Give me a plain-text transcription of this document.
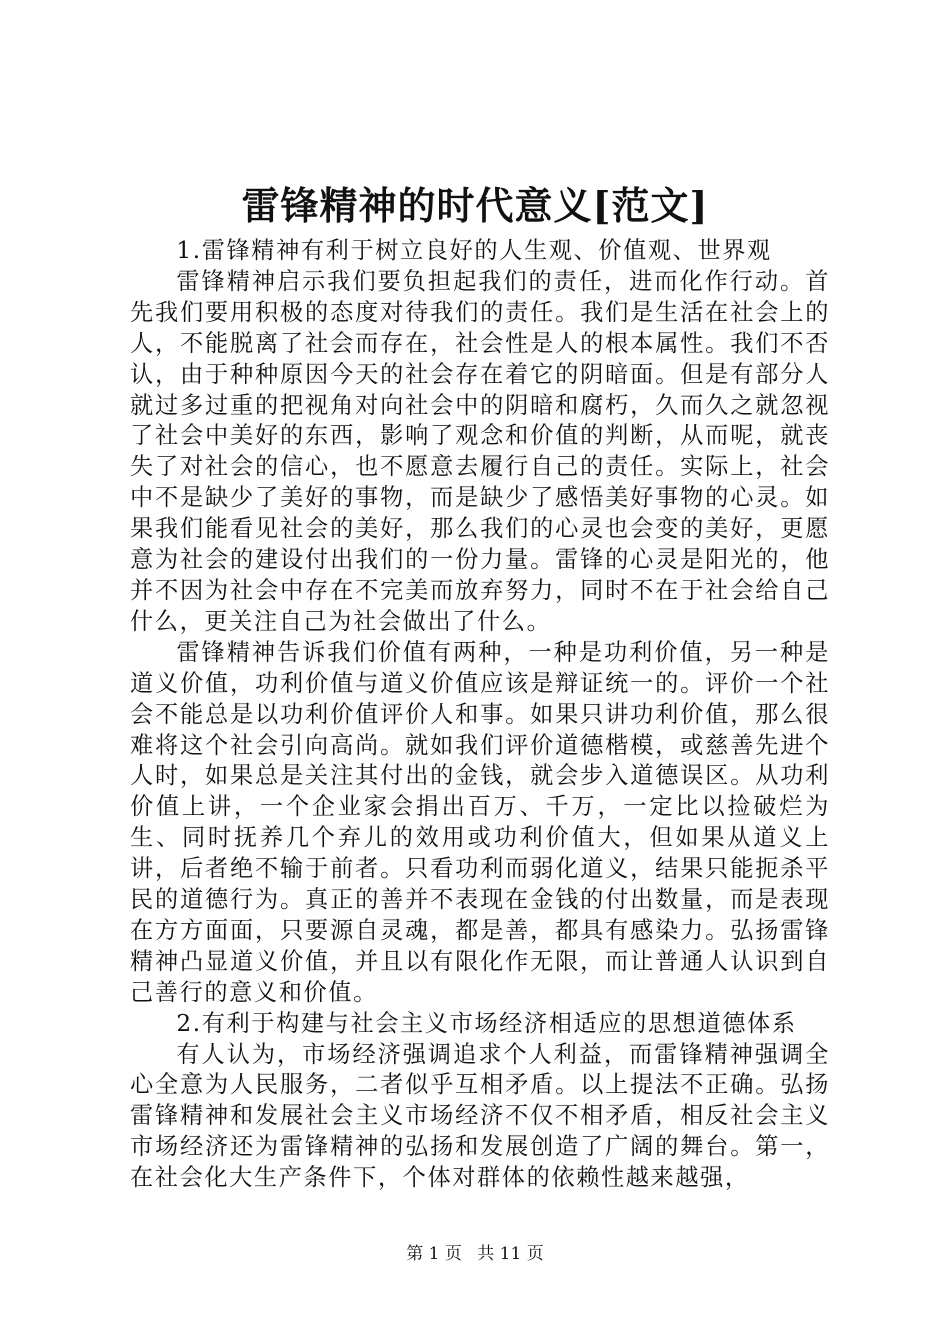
雷锋精神的时代意义[范文]

1.雷锋精神有利于树立良好的人生观、价值观、世界观

雷锋精神启示我们要负担起我们的责任，进而化作行动。首先我们要用积极的态度对待我们的责任。我们是生活在社会上的人，不能脱离了社会而存在，社会性是人的根本属性。我们不否认，由于种种原因今天的社会存在着它的阴暗面。但是有部分人就过多过重的把视角对向社会中的阴暗和腐朽，久而久之就忽视了社会中美好的东西，影响了观念和价值的判断，从而呢，就丧失了对社会的信心，也不愿意去履行自己的责任。实际上，社会中不是缺少了美好的事物，而是缺少了感悟美好事物的心灵。如果我们能看见社会的美好，那么我们的心灵也会变的美好，更愿意为社会的建设付出我们的一份力量。雷锋的心灵是阳光的，他并不因为社会中存在不完美而放弃努力，同时不在于社会给自己什么，更关注自己为社会做出了什么。

雷锋精神告诉我们价值有两种，一种是功利价值，另一种是道义价值，功利价值与道义价值应该是辩证统一的。评价一个社会不能总是以功利价值评价人和事。如果只讲功利价值，那么很难将这个社会引向高尚。就如我们评价道德楷模，或慈善先进个人时，如果总是关注其付出的金钱，就会步入道德误区。从功利价值上讲，一个企业家会捐出百万、千万，一定比以捡破烂为生、同时抚养几个弃儿的效用或功利价值大，但如果从道义上讲，后者绝不输于前者。只看功利而弱化道义，结果只能扼杀平民的道德行为。真正的善并不表现在金钱的付出数量，而是表现在方方面面，只要源自灵魂，都是善，都具有感染力。弘扬雷锋精神凸显道义价值，并且以有限化作无限，而让普通人认识到自己善行的意义和价值。

2.有利于构建与社会主义市场经济相适应的思想道德体系

有人认为，市场经济强调追求个人利益，而雷锋精神强调全心全意为人民服务，二者似乎互相矛盾。以上提法不正确。弘扬雷锋精神和发展社会主义市场经济不仅不相矛盾，相反社会主义市场经济还为雷锋精神的弘扬和发展创造了广阔的舞台。第一，在社会化大生产条件下，个体对群体的依赖性越来越强，

第 1 页 共 11 页
